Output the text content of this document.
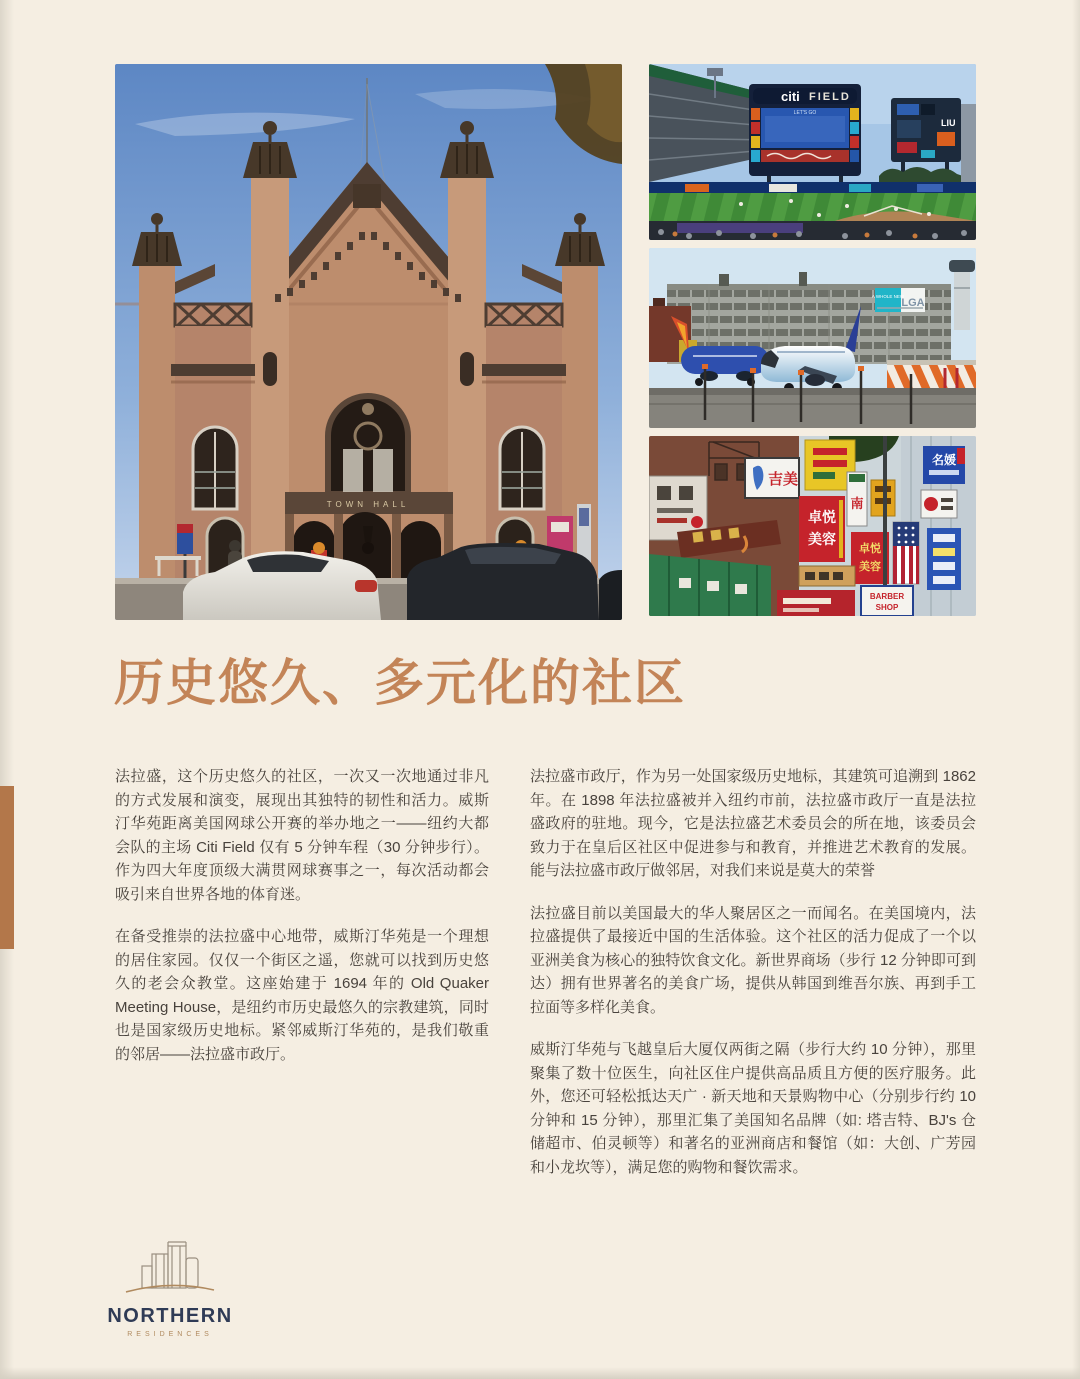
TOWN HALL
citi FIELD
LET'S GO
LIU
A WHOLE NEW
LGA
吉美
卓悦
美容
南
卓悦
美容
名媛
BARBER
SHOP
历史悠久、多元化的社区

法拉盛，这个历史悠久的社区，一次又一次地通过非凡的方式发展和演变，展现出其独特的韧性和活力。威斯汀华苑距离美国网球公开赛的举办地之一——纽约大都会队的主场 Citi Field 仅有 5 分钟车程（30 分钟步行）。作为四大年度顶级大满贯网球赛事之一，每次活动都会吸引来自世界各地的体育迷。

在备受推崇的法拉盛中心地带，威斯汀华苑是一个理想的居住家园。仅仅一个街区之遥，您就可以找到历史悠久的老会众教堂。这座始建于 1694 年的 Old Quaker Meeting House，是纽约市历史最悠久的宗教建筑，同时也是国家级历史地标。紧邻威斯汀华苑的，是我们敬重的邻居——法拉盛市政厅。

法拉盛市政厅，作为另一处国家级历史地标，其建筑可追溯到 1862 年。在 1898 年法拉盛被并入纽约市前，法拉盛市政厅一直是法拉盛政府的驻地。现今，它是法拉盛艺术委员会的所在地，该委员会致力于在皇后区社区中促进参与和教育，并推进艺术教育的发展。能与法拉盛市政厅做邻居，对我们来说是莫大的荣誉

法拉盛目前以美国最大的华人聚居区之一而闻名。在美国境内，法拉盛提供了最接近中国的生活体验。这个社区的活力促成了一个以亚洲美食为核心的独特饮食文化。新世界商场（步行 12 分钟即可到达）拥有世界著名的美食广场，提供从韩国到维吾尔族、再到手工拉面等多样化美食。

威斯汀华苑与飞越皇后大厦仅两街之隔（步行大约 10 分钟），那里聚集了数十位医生，向社区住户提供高品质且方便的医疗服务。此外，您还可轻松抵达天广 · 新天地和天景购物中心（分别步行约 10 分钟和 15 分钟），那里汇集了美国知名品牌（如: 塔吉特、BJ's 仓储超市、伯灵顿等）和著名的亚洲商店和餐馆（如：大创、广芳园和小龙坎等），满足您的购物和餐饮需求。

NORTHERN
RESIDENCES
